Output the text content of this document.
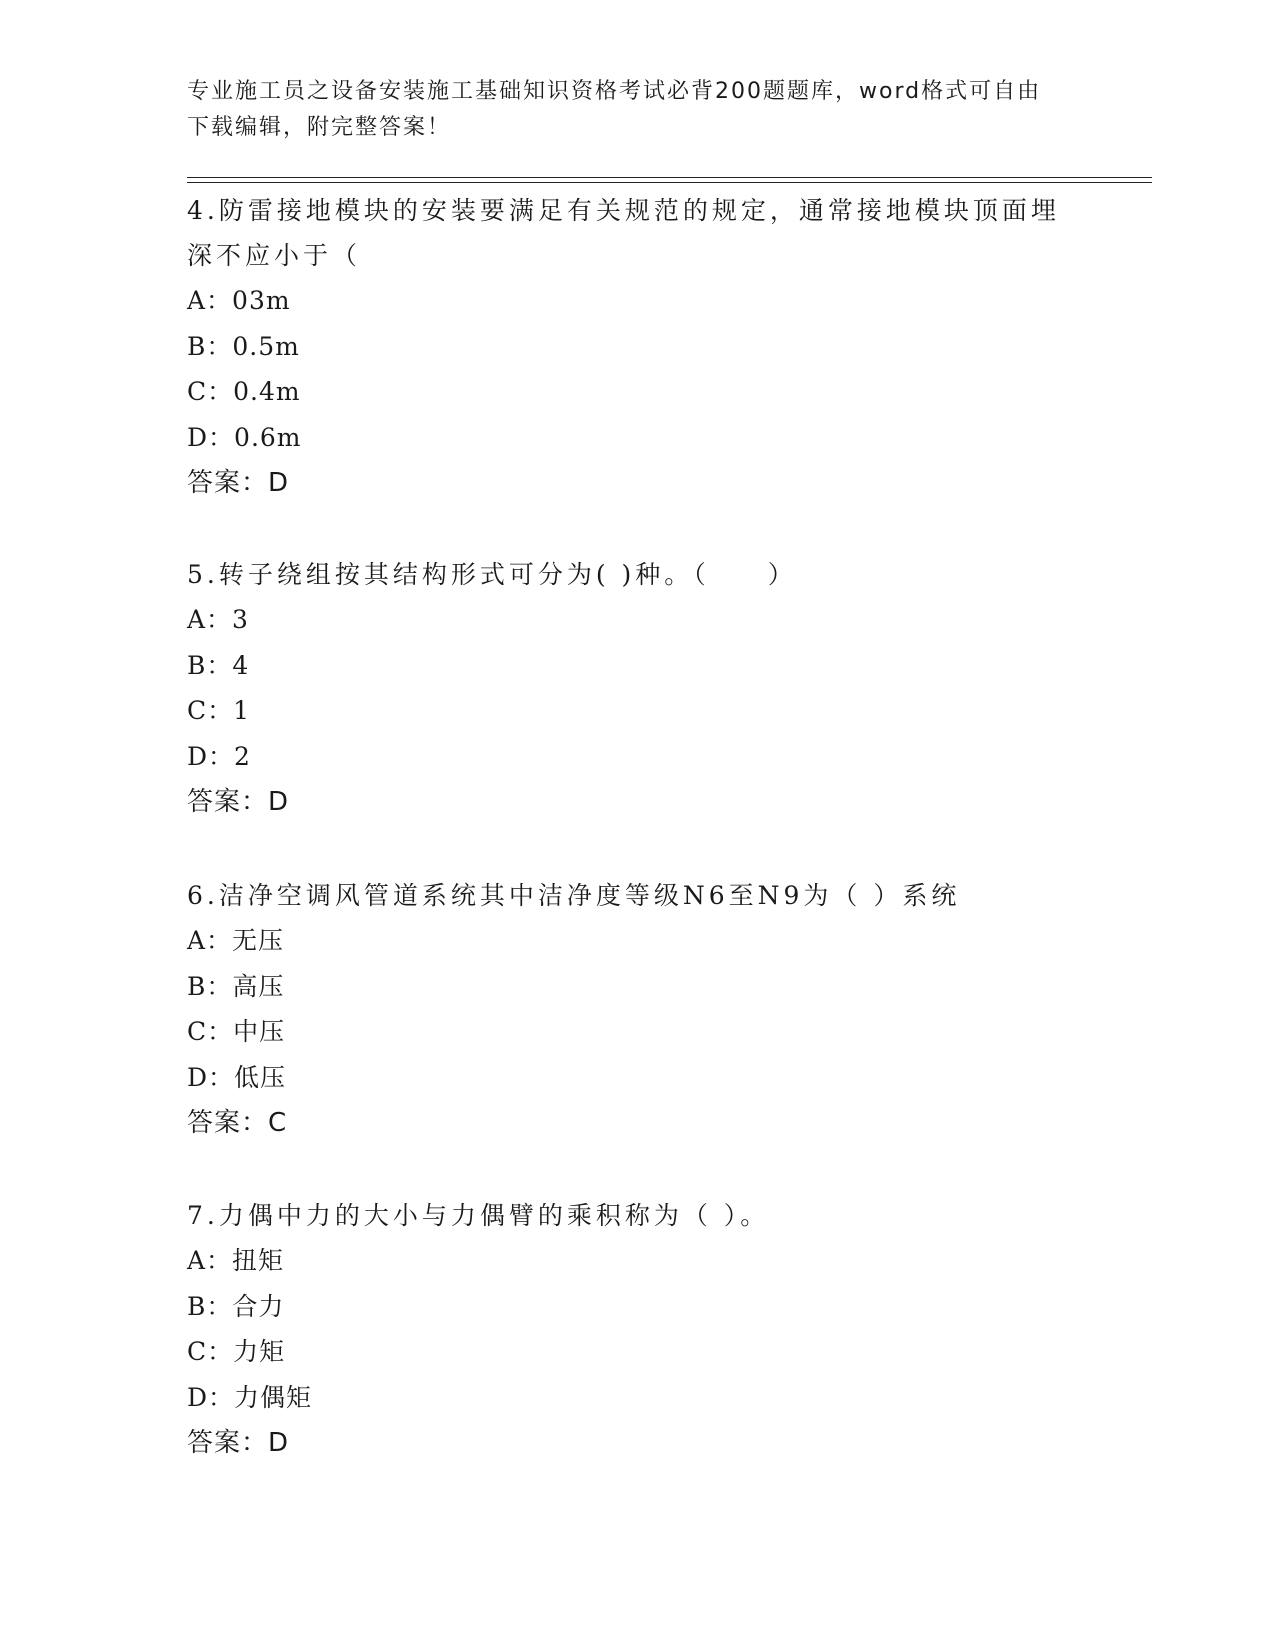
专业施工员之设备安装施工基础知识资格考试必背200题题库，word格式可自由
下载编辑，附完整答案！

4.防雷接地模块的安装要满足有关规范的规定，通常接地模块顶面埋

深不应小于（

A：03m

B：0.5m

C：0.4m

D：0.6m

答案：D

5.转子绕组按其结构形式可分为( )种。（　　）

A：3

B：4

C：1

D：2

答案：D

6.洁净空调风管道系统其中洁净度等级N6至N9为（ ）系统

A：无压

B：高压

C：中压

D：低压

答案：C

7.力偶中力的大小与力偶臂的乘积称为（ ）。

A：扭矩

B：合力

C：力矩

D：力偶矩

答案：D
